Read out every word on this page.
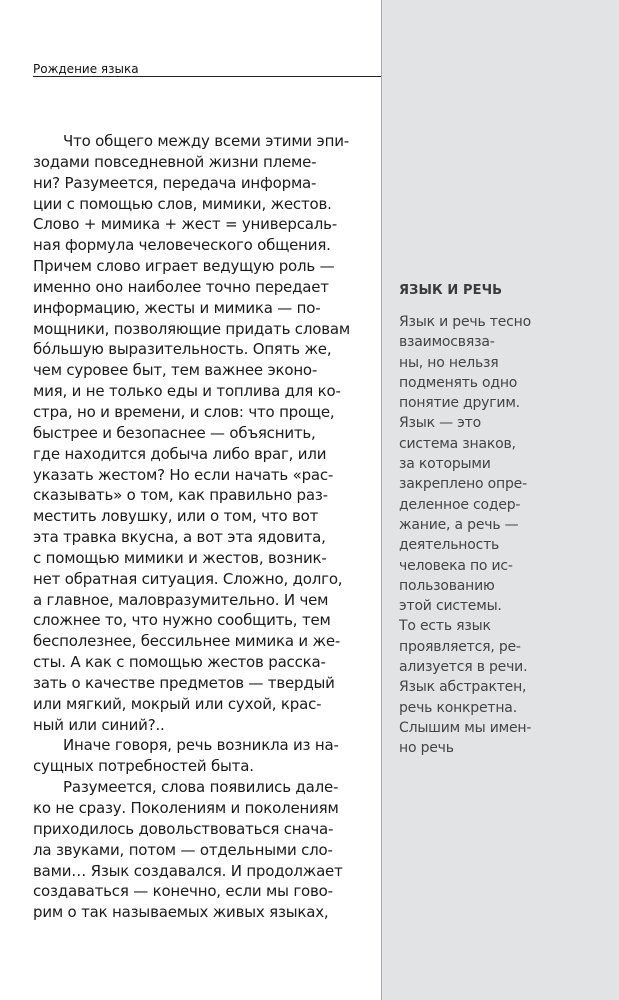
Рождение языка
Что общего между всеми этими эпи-
зодами повседневной жизни племе-
ни? Разумеется, передача информа-
ции с помощью слов, мимики, жестов.
Слово + мимика + жест = универсаль-
ная формула человеческого общения.
Причем слово играет ведущую роль —
именно оно наиболее точно передает
информацию, жесты и мимика — по-
мощники, позволяющие придать словам
бóльшую выразительность. Опять же,
чем суровее быт, тем важнее эконо-
мия, и не только еды и топлива для ко-
стра, но и времени, и слов: что проще,
быстрее и безопаснее — объяснить,
где находится добыча либо враг, или
указать жестом? Но если начать «рас-
сказывать» о том, как правильно раз-
местить ловушку, или о том, что вот
эта травка вкусна, а вот эта ядовита,
с помощью мимики и жестов, возник-
нет обратная ситуация. Сложно, долго,
а главное, маловразумительно. И чем
сложнее то, что нужно сообщить, тем
бесполезнее, бессильнее мимика и же-
сты. А как с помощью жестов расска-
зать о качестве предметов — твердый
или мягкий, мокрый или сухой, крас-
ный или синий?..
Иначе говоря, речь возникла из на-
сущных потребностей быта.
Разумеется, слова появились дале-
ко не сразу. Поколениям и поколениям
приходилось довольствоваться снача-
ла звуками, потом — отдельными сло-
вами… Язык создавался. И продолжает
создаваться — конечно, если мы гово-
рим о так называемых живых языках,
ЯЗЫК И РЕЧЬ
Язык и речь тесно
взаимосвяза-
ны, но нельзя
подменять одно
понятие другим.
Язык — это
система знаков,
за которыми
закреплено опре-
деленное содер-
жание, а речь —
деятельность
человека по ис-
пользованию
этой системы.
То есть язык
проявляется, ре-
ализуется в речи.
Язык абстрактен,
речь конкретна.
Слышим мы имен-
но речь
